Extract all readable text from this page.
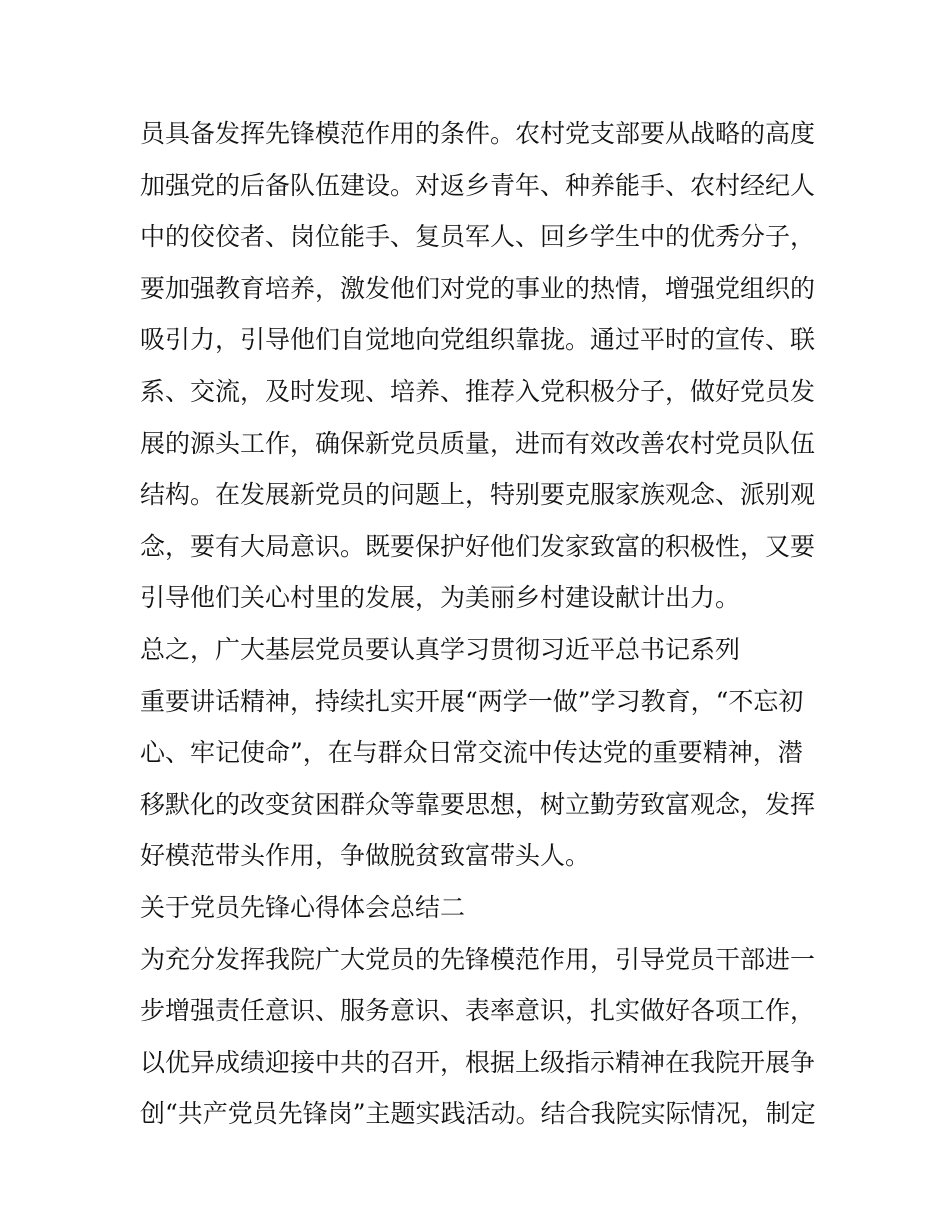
员具备发挥先锋模范作用的条件。农村党支部要从战略的高度
加强党的后备队伍建设。对返乡青年、种养能手、农村经纪人
中的佼佼者、岗位能手、复员军人、回乡学生中的优秀分子，
要加强教育培养，激发他们对党的事业的热情，增强党组织的
吸引力，引导他们自觉地向党组织靠拢。通过平时的宣传、联
系、交流，及时发现、培养、推荐入党积极分子，做好党员发
展的源头工作，确保新党员质量，进而有效改善农村党员队伍
结构。在发展新党员的问题上，特别要克服家族观念、派别观
念，要有大局意识。既要保护好他们发家致富的积极性，又要
引导他们关心村里的发展，为美丽乡村建设献计出力。
总之，广大基层党员要认真学习贯彻习近平总书记系列
重要讲话精神，持续扎实开展“两学一做”学习教育，“不忘初
心、牢记使命”，在与群众日常交流中传达党的重要精神，潜
移默化的改变贫困群众等靠要思想，树立勤劳致富观念，发挥
好模范带头作用，争做脱贫致富带头人。
关于党员先锋心得体会总结二
为充分发挥我院广大党员的先锋模范作用，引导党员干部进一
步增强责任意识、服务意识、表率意识，扎实做好各项工作，
以优异成绩迎接中共的召开，根据上级指示精神在我院开展争
创“共产党员先锋岗”主题实践活动。结合我院实际情况，制定
